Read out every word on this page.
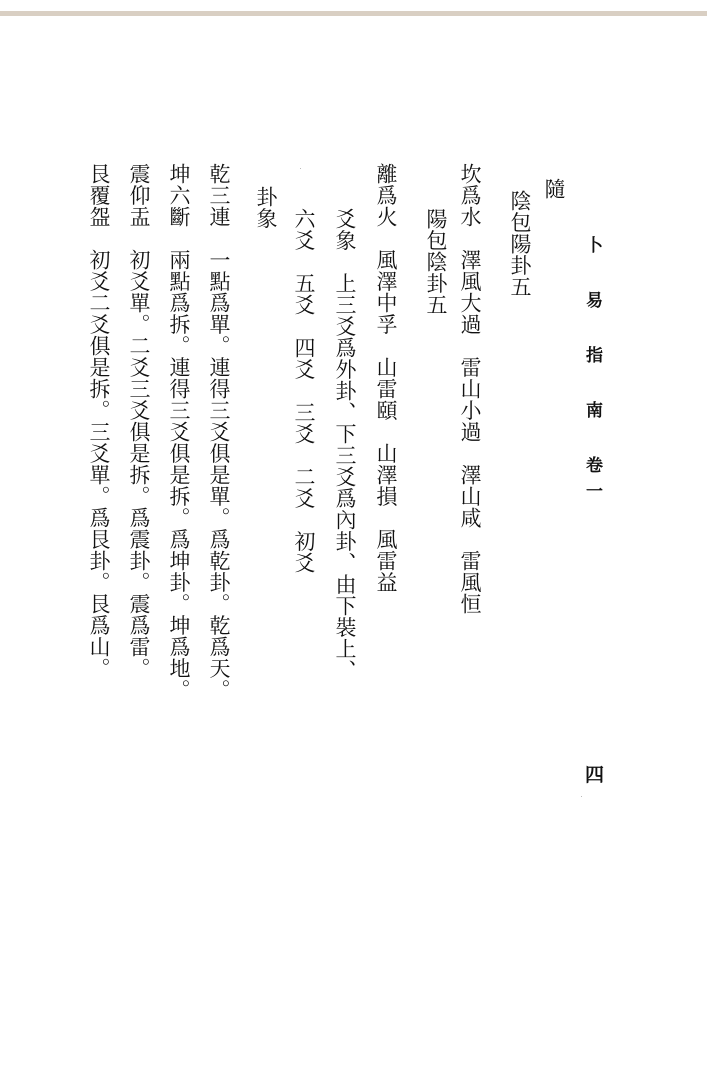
卜 易 指 南 卷一
四
隨
陰包陽卦五
坎爲水　澤風大過　雷山小過　澤山咸　雷風恒
陽包陰卦五
離爲火　風澤中孚　山雷頤　山澤損　風雷益
爻象　上三爻爲外卦、下三爻爲內卦、由下裝上、
六爻　五爻　四爻　三爻　二爻　初爻
卦象
乾三連　一點爲單。連得三爻俱是單。爲乾卦。乾爲天。
坤六斷　兩點爲拆。連得三爻俱是拆。爲坤卦。坤爲地。
震仰盂　初爻單。二爻三爻俱是拆。爲震卦。震爲雷。
艮覆盌　初爻二爻俱是拆。三爻單。爲艮卦。艮爲山。
